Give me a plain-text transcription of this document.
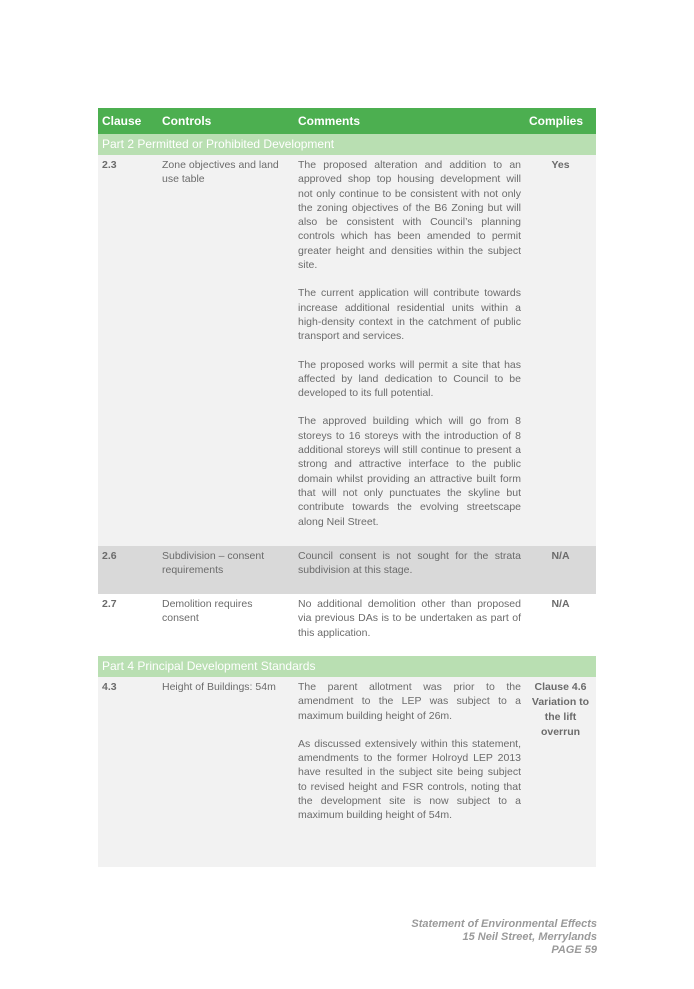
Clause	Controls	Comments	Complies
Part 2 Permitted or Prohibited Development			
2.3	Zone objectives and land use table	The proposed alteration and addition to an approved shop top housing development will not only continue to be consistent with not only the zoning objectives of the B6 Zoning but will also be consistent with Council’s planning controls which has been amended to permit greater height and densities within the subject site.

The current application will contribute towards increase additional residential units within a high-density context in the catchment of public transport and services.

The proposed works will permit a site that has affected by land dedication to Council to be developed to its full potential.

The approved building which will go from 8 storeys to 16 storeys with the introduction of 8 additional storeys will still continue to present a strong and attractive interface to the public domain whilst providing an attractive built form that will not only punctuates the skyline but contribute towards the evolving streetscape along Neil Street.	Yes
2.6	Subdivision – consent requirements	Council consent is not sought for the strata subdivision at this stage.	N/A
2.7	Demolition requires consent	No additional demolition other than proposed via previous DAs is to be undertaken as part of this application.	N/A
Part 4 Principal Development Standards			
4.3	Height of Buildings: 54m	The parent allotment was prior to the amendment to the LEP was subject to a maximum building height of 26m.

As discussed extensively within this statement, amendments to the former Holroyd LEP 2013 have resulted in the subject site being subject to revised height and FSR controls, noting that the development site is now subject to a maximum building height of 54m.	Clause 4.6 Variation to the lift overrun
Statement of Environmental Effects
15 Neil Street, Merrylands
PAGE 59
